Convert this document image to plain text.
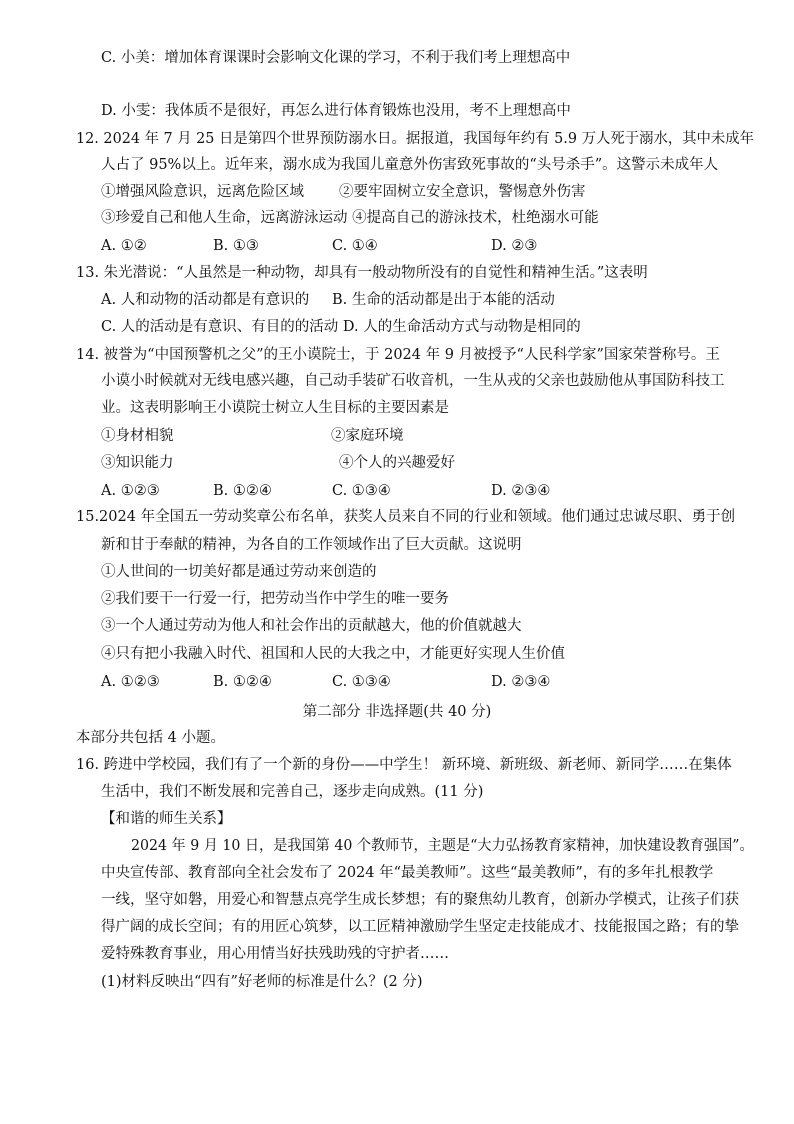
C. 小美：增加体育课课时会影响文化课的学习，不利于我们考上理想高中
D. 小雯：我体质不是很好，再怎么进行体育锻炼也没用，考不上理想高中
12. 2024 年 7 月 25 日是第四个世界预防溺水日。据报道，我国每年约有 5.9 万人死于溺水，其中未成年
人占了 95%以上。近年来，溺水成为我国儿童意外伤害致死事故的“头号杀手”。这警示未成年人
①增强风险意识，远离危险区域 ②要牢固树立安全意识，警惕意外伤害
③珍爱自己和他人生命，远离游泳运动 ④提高自己的游泳技术，杜绝溺水可能
A. ①②	B. ①③	C. ①④	D. ②③
13. 朱光潜说：“人虽然是一种动物，却具有一般动物所没有的自觉性和精神生活。”这表明
A. 人和动物的活动都是有意识的 B. 生命的活动都是出于本能的活动
C. 人的活动是有意识、有目的的活动 D. 人的生命活动方式与动物是相同的
14. 被誉为“中国预警机之父”的王小谟院士，于 2024 年 9 月被授予“人民科学家”国家荣誉称号。王
小谟小时候就对无线电感兴趣，自己动手装矿石收音机，一生从戎的父亲也鼓励他从事国防科技工
业。这表明影响王小谟院士树立人生目标的主要因素是
①身材相貌	②家庭环境
③知识能力	④个人的兴趣爱好
A. ①②③	B. ①②④	C. ①③④	D. ②③④
15.2024 年全国五一劳动奖章公布名单，获奖人员来自不同的行业和领域。他们通过忠诚尽职、勇于创
新和甘于奉献的精神，为各自的工作领域作出了巨大贡献。这说明
①人世间的一切美好都是通过劳动来创造的
②我们要干一行爱一行，把劳动当作中学生的唯一要务
③一个人通过劳动为他人和社会作出的贡献越大，他的价值就越大
④只有把小我融入时代、祖国和人民的大我之中，才能更好实现人生价值
A. ①②③	B. ①②④	C. ①③④	D. ②③④
第二部分 非选择题(共 40 分)
本部分共包括 4 小题。
16. 跨进中学校园，我们有了一个新的身份——中学生！ 新环境、新班级、新老师、新同学……在集体
生活中，我们不断发展和完善自己，逐步走向成熟。(11 分)
【和谐的师生关系】
2024 年 9 月 10 日，是我国第 40 个教师节，主题是“大力弘扬教育家精神，加快建设教育强国”。
中央宣传部、教育部向全社会发布了 2024 年“最美教师”。这些“最美教师”，有的多年扎根教学
一线，坚守如磐，用爱心和智慧点亮学生成长梦想；有的聚焦幼儿教育，创新办学模式，让孩子们获
得广阔的成长空间；有的用匠心筑梦，以工匠精神激励学生坚定走技能成才、技能报国之路；有的挚
爱特殊教育事业，用心用情当好扶残助残的守护者……
(1)材料反映出“四有”好老师的标准是什么？(2 分)
